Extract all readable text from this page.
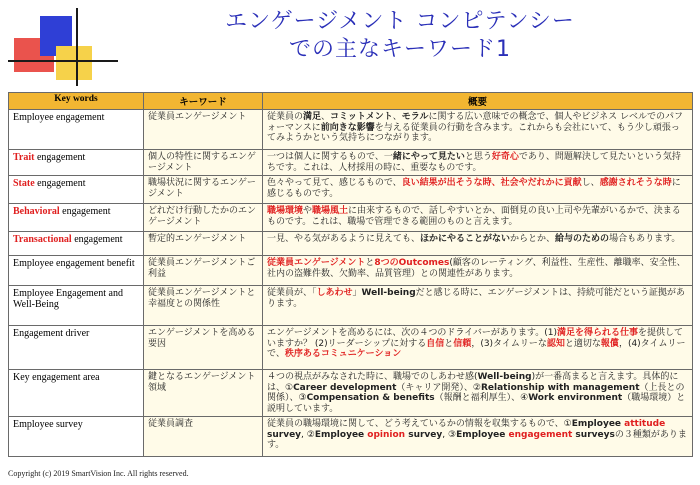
エンゲージメント コンピテンシー
での主なキーワード1
Key words	キーワード	概要
Employee engagement	従業員エンゲージメント	従業員の満足、コミットメント、モラルに関する広い意味での概念で、個人やビジネス レベルでのパフォーマンスに前向きな影響を与える従業員の行動を含みます。これからも会社にいて、もう少し頑張ってみようかという気持ちにつながります。
Trait engagement	個人の特性に関するエンゲージメント	一つは個人に関するもので、一緒にやって見たいと思う好奇心であり、問題解決して見たいという気持ちです。これは、人材採用の時に、重要なものです。
State engagement	職場状況に関するエンゲージメント	色々やって見て、感じるもので、良い結果が出そうな時、社会やだれかに貢献し、感謝されそうな時に感じるものです。
Behavioral engagement	どれだけ行動したかのエンゲージメント	職場環境や職場風土に由来するもので、話しやすいとか、面倒見の良い上司や先輩がいるかで、決まるものです。これは、職場で管理できる範囲のものと言えます。
Transactional engagement	暫定的エンゲージメント	一見、やる気があるように見えても、ほかにやることがないからとか、給与のための場合もあります。
Employee engagement benefit	従業員エンゲージメントご利益	従業員エンゲージメントと8つのOutcomes(顧客のレーティング、利益性、生産性、離職率、安全性、社内の盗難件数、欠勤率、品質管理）との関連性があります。
Employee Engagement and Well-Being	従業員エンゲージメントと幸福度との関係性	従業員が、「しあわせ」Well-beingだと感じる時に、エンゲージメントは、持続可能だという証拠があります。
Engagement driver	エンゲージメントを高める要因	エンゲージメントを高めるには、次の４つのドライバーがあります。(1)満足を得られる仕事を提供していますか？ (2)リーダーシップに対する自信と信頼，(3)タイムリーな認知と適切な報償，(4)タイムリーで、秩序あるコミュニケーション
Key engagement area	鍵となるエンゲージメント領域	４つの視点がみなされた時に、職場でのしあわせ感(Well-being)が一番高まると言えます。具体的には、①Career development（キャリア開発）、②Relationship with management（上長との関係）、③Compensation & benefits（報酬と福利厚生）、④Work environment（職場環境）と説明しています。
Employee survey	従業員調査	従業員の職場環境に関して、どう考えているかの情報を収集するもので、①Employee attitude survey, ②Employee opinion survey, ③Employee engagement surveysの３種類があります。
Copyright (c) 2019 SmartVision Inc. All rights reserved.
